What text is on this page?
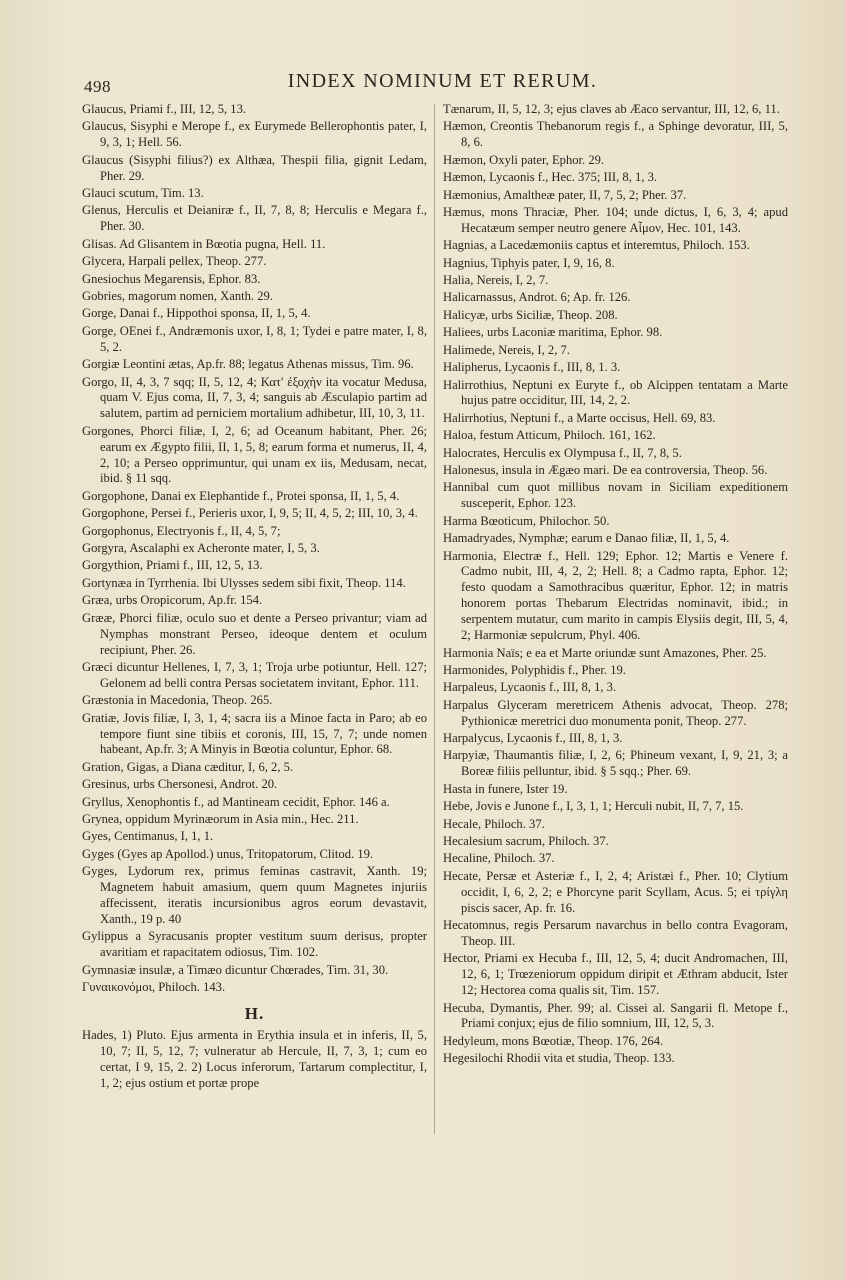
498	INDEX NOMINUM ET RERUM.

Glaucus, Priami f., III, 12, 5, 13.

Glaucus, Sisyphi e Merope f., ex Eurymede Bellerophontis pater, I, 9, 3, 1; Hell. 56.

Glaucus (Sisyphi filius?) ex Althæa, Thespii filia, gignit Ledam, Pher. 29.

Glauci scutum, Tim. 13.

Glenus, Herculis et Deianiræ f., II, 7, 8, 8; Herculis e Megara f., Pher. 30.

Glisas. Ad Glisantem in Bœotia pugna, Hell. 11.

Glycera, Harpali pellex, Theop. 277.

Gnesiochus Megarensis, Ephor. 83.

Gobries, magorum nomen, Xanth. 29.

Gorge, Danai f., Hippothoi sponsa, II, 1, 5, 4.

Gorge, OEnei f., Andræmonis uxor, I, 8, 1; Tydei e patre mater, I, 8, 5, 2.

Gorgiæ Leontini ætas, Ap.fr. 88; legatus Athenas missus, Tim. 96.

Gorgo, II, 4, 3, 7 sqq; II, 5, 12, 4; Κατ' ἐξοχὴν ita vocatur Medusa, quam V. Ejus coma, II, 7, 3, 4; sanguis ab Æsculapio partim ad salutem, partim ad perniciem mortalium adhibetur, III, 10, 3, 11.

Gorgones, Phorci filiæ, I, 2, 6; ad Oceanum habitant, Pher. 26; earum ex Ægypto filii, II, 1, 5, 8; earum forma et numerus, II, 4, 2, 10; a Perseo opprimuntur, qui unam ex iis, Medusam, necat, ibid. § 11 sqq.

Gorgophone, Danai ex Elephantide f., Protei sponsa, II, 1, 5, 4.

Gorgophone, Persei f., Perieris uxor, I, 9, 5; II, 4, 5, 2; III, 10, 3, 4.

Gorgophonus, Electryonis f., II, 4, 5, 7;

Gorgyra, Ascalaphi ex Acheronte mater, I, 5, 3.

Gorgythion, Priami f., III, 12, 5, 13.

Gortynæa in Tyrrhenia. Ibi Ulysses sedem sibi fixit, Theop. 114.

Græa, urbs Oropicorum, Ap.fr. 154.

Grææ, Phorci filiæ, oculo suo et dente a Perseo privantur; viam ad Nymphas monstrant Perseo, ideoque dentem et oculum recipiunt, Pher. 26.

Græci dicuntur Hellenes, I, 7, 3, 1; Troja urbe potiuntur, Hell. 127; Gelonem ad belli contra Persas societatem invitant, Ephor. 111.

Græstonia in Macedonia, Theop. 265.

Gratiæ, Jovis filiæ, I, 3, 1, 4; sacra iis a Minoe facta in Paro; ab eo tempore fiunt sine tibiis et coronis, III, 15, 7, 7; unde nomen habeant, Ap.fr. 3; A Minyis in Bœotia coluntur, Ephor. 68.

Gration, Gigas, a Diana cæditur, I, 6, 2, 5.

Gresinus, urbs Chersonesi, Androt. 20.

Gryllus, Xenophontis f., ad Mantineam cecidit, Ephor. 146 a.

Grynea, oppidum Myrinæorum in Asia min., Hec. 211.

Gyes, Centimanus, I, 1, 1.

Gyges (Gyes ap Apollod.) unus, Tritopatorum, Clitod. 19.

Gyges, Lydorum rex, primus feminas castravit, Xanth. 19; Magnetem habuit amasium, quem quum Magnetes injuriis affecissent, iteratis incursionibus agros eorum devastavit, Xanth., 19 p. 40

Gylippus a Syracusanis propter vestitum suum derisus, propter avaritiam et rapacitatem odiosus, Tim. 102.

Gymnasiæ insulæ, a Timæo dicuntur Chœrades, Tim. 31, 30.

Γυναικονόμοι, Philoch. 143.

H.

Hades, 1) Pluto. Ejus armenta in Erythia insula et in inferis, II, 5, 10, 7; II, 5, 12, 7; vulneratur ab Hercule, II, 7, 3, 1; cum eo certat, I 9, 15, 2. 2) Locus inferorum, Tartarum complectitur, I, 1, 2; ejus ostium et portæ prope

Tænarum, II, 5, 12, 3; ejus claves ab Æaco servantur, III, 12, 6, 11.

Hæmon, Creontis Thebanorum regis f., a Sphinge devoratur, III, 5, 8, 6.

Hæmon, Oxyli pater, Ephor. 29.

Hæmon, Lycaonis f., Hec. 375; III, 8, 1, 3.

Hæmonius, Amaltheæ pater, II, 7, 5, 2; Pher. 37.

Hæmus, mons Thraciæ, Pher. 104; unde dictus, I, 6, 3, 4; apud Hecatæum semper neutro genere Αἷμον, Hec. 101, 143.

Hagnias, a Lacedæmoniis captus et interemtus, Philoch. 153.

Hagnius, Tiphyis pater, I, 9, 16, 8.

Halia, Nereis, I, 2, 7.

Halicarnassus, Androt. 6; Ap. fr. 126.

Halicyæ, urbs Siciliæ, Theop. 208.

Haliees, urbs Laconiæ maritima, Ephor. 98.

Halimede, Nereis, I, 2, 7.

Halipherus, Lycaonis f., III, 8, 1. 3.

Halirrothius, Neptuni ex Euryte f., ob Alcippen tentatam a Marte hujus patre occiditur, III, 14, 2, 2.

Halirrhotius, Neptuni f., a Marte occisus, Hell. 69, 83.

Haloa, festum Atticum, Philoch. 161, 162.

Halocrates, Herculis ex Olympusa f., II, 7, 8, 5.

Halonesus, insula in Ægæo mari. De ea controversia, Theop. 56.

Hannibal cum quot millibus novam in Siciliam expeditionem susceperit, Ephor. 123.

Harma Bœoticum, Philochor. 50.

Hamadryades, Nymphæ; earum e Danao filiæ, II, 1, 5, 4.

Harmonia, Electræ f., Hell. 129; Ephor. 12; Martis e Venere f. Cadmo nubit, III, 4, 2, 2; Hell. 8; a Cadmo rapta, Ephor. 12; festo quodam a Samothracibus quæritur, Ephor. 12; in matris honorem portas Thebarum Electridas nominavit, ibid.; in serpentem mutatur, cum marito in campis Elysiis degit, III, 5, 4, 2; Harmoniæ sepulcrum, Phyl. 406.

Harmonia Naïs; e ea et Marte oriundæ sunt Amazones, Pher. 25.

Harmonides, Polyphidis f., Pher. 19.

Harpaleus, Lycaonis f., III, 8, 1, 3.

Harpalus Glyceram meretricem Athenis advocat, Theop. 278; Pythionicæ meretrici duo monumenta ponit, Theop. 277.

Harpalycus, Lycaonis f., III, 8, 1, 3.

Harpyiæ, Thaumantis filiæ, I, 2, 6; Phineum vexant, I, 9, 21, 3; a Boreæ filiis pelluntur, ibid. § 5 sqq.; Pher. 69.

Hasta in funere, Ister 19.

Hebe, Jovis e Junone f., I, 3, 1, 1; Herculi nubit, II, 7, 7, 15.

Hecale, Philoch. 37.

Hecalesium sacrum, Philoch. 37.

Hecaline, Philoch. 37.

Hecate, Persæ et Asteriæ f., I, 2, 4; Aristæi f., Pher. 10; Clytium occidit, I, 6, 2, 2; e Phorcyne parit Scyllam, Acus. 5; ei τρίγλη piscis sacer, Ap. fr. 16.

Hecatomnus, regis Persarum navarchus in bello contra Evagoram, Theop. III.

Hector, Priami ex Hecuba f., III, 12, 5, 4; ducit Andromachen, III, 12, 6, 1; Trœzeniorum oppidum diripit et Æthram abducit, Ister 12; Hectorea coma qualis sit, Tim. 157.

Hecuba, Dymantis, Pher. 99; al. Cissei al. Sangarii fl. Metope f., Priami conjux; ejus de filio somnium, III, 12, 5, 3.

Hedyleum, mons Bœotiæ, Theop. 176, 264.

Hegesilochi Rhodii vita et studia, Theop. 133.
